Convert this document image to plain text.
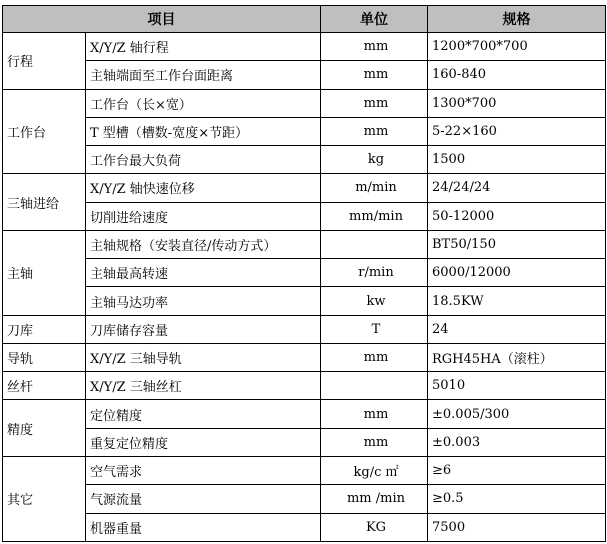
项目		单位	规格
行程	X/Y/Z 轴行程	mm	1200*700*700
	主轴端面至工作台面距离	mm	160-840
工作台	工作台（长×宽）	mm	1300*700
	T 型槽（槽数-宽度×节距）	mm	5-22×160
	工作台最大负荷	kg	1500
三轴进给	X/Y/Z 轴快速位移	m/min	24/24/24
	切削进给速度	mm/min	50-12000
主轴	主轴规格（安装直径/传动方式）		BT50/150
	主轴最高转速	r/min	6000/12000
	主轴马达功率	kw	18.5KW
刀库	刀库储存容量	T	24
导轨	X/Y/Z 三轴导轨	mm	RGH45HA（滚柱）
丝杆	X/Y/Z 三轴丝杠		5010
精度	定位精度	mm	±0.005/300
	重复定位精度	mm	±0.003
其它	空气需求	kg/c ㎡	≥6
	气源流量	mm /min	≥0.5
	机器重量	KG	7500
